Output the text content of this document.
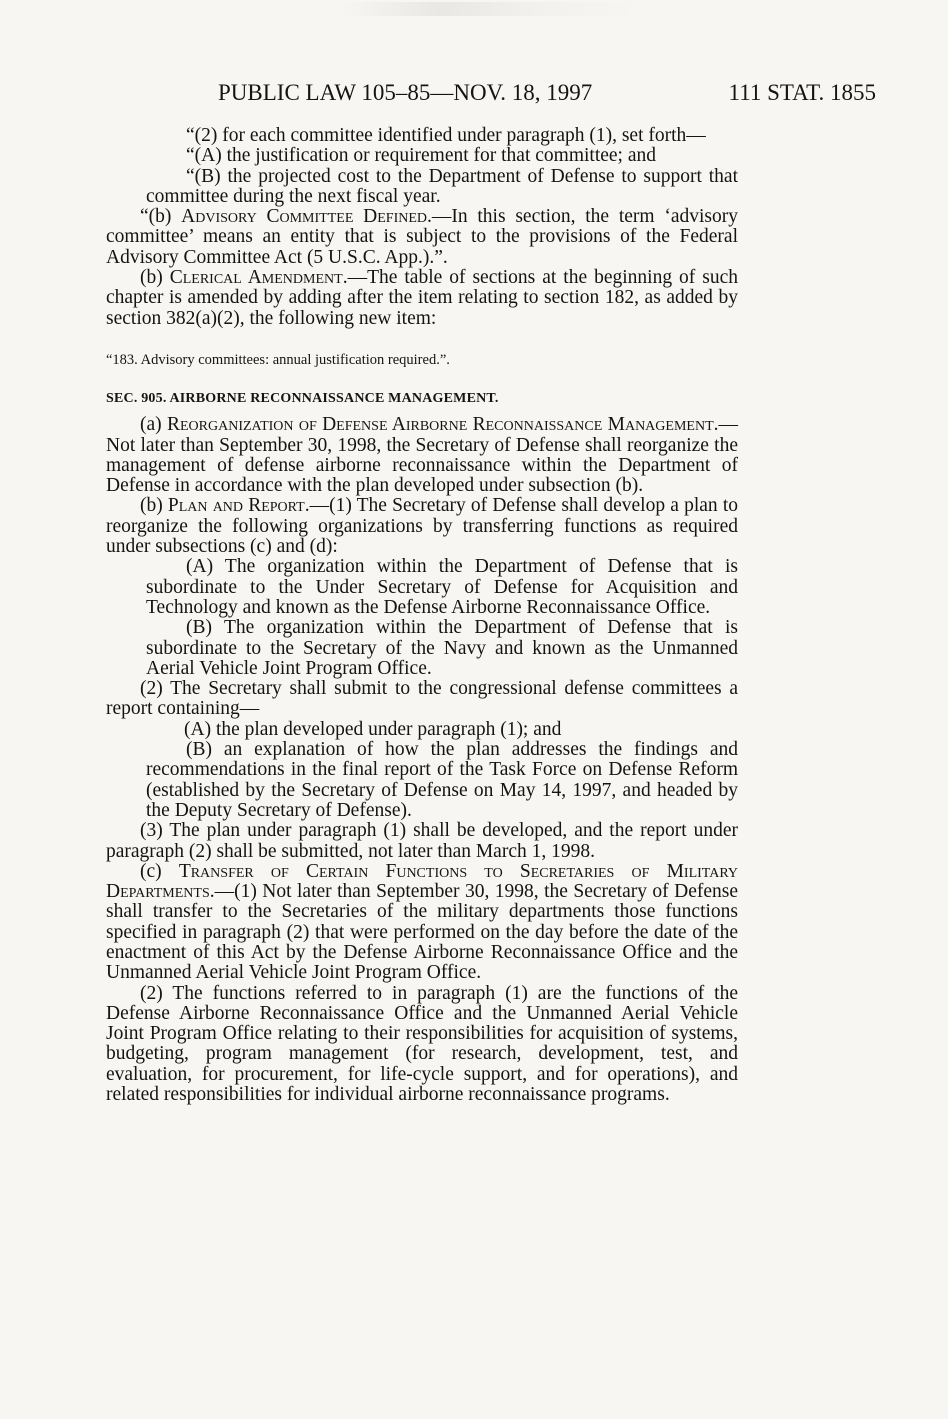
PUBLIC LAW 105–85—NOV. 18, 1997	111 STAT. 1855

“(2) for each committee identified under paragraph (1), set forth—

“(A) the justification or requirement for that committee; and

“(B) the projected cost to the Department of Defense to support that committee during the next fiscal year.

“(b) Advisory Committee Defined.—In this section, the term ‘advisory committee’ means an entity that is subject to the provisions of the Federal Advisory Committee Act (5 U.S.C. App.).”.

(b) Clerical Amendment.—The table of sections at the beginning of such chapter is amended by adding after the item relating to section 182, as added by section 382(a)(2), the following new item:

“183. Advisory committees: annual justification required.”.

SEC. 905. AIRBORNE RECONNAISSANCE MANAGEMENT.

(a) Reorganization of Defense Airborne Reconnaissance Management.—Not later than September 30, 1998, the Secretary of Defense shall reorganize the management of defense airborne reconnaissance within the Department of Defense in accordance with the plan developed under subsection (b).

(b) Plan and Report.—(1) The Secretary of Defense shall develop a plan to reorganize the following organizations by transferring functions as required under subsections (c) and (d):

(A) The organization within the Department of Defense that is subordinate to the Under Secretary of Defense for Acquisition and Technology and known as the Defense Airborne Reconnaissance Office.

(B) The organization within the Department of Defense that is subordinate to the Secretary of the Navy and known as the Unmanned Aerial Vehicle Joint Program Office.

(2) The Secretary shall submit to the congressional defense committees a report containing—

(A) the plan developed under paragraph (1); and

(B) an explanation of how the plan addresses the findings and recommendations in the final report of the Task Force on Defense Reform (established by the Secretary of Defense on May 14, 1997, and headed by the Deputy Secretary of Defense).

(3) The plan under paragraph (1) shall be developed, and the report under paragraph (2) shall be submitted, not later than March 1, 1998.

(c) Transfer of Certain Functions to Secretaries of Military Departments.—(1) Not later than September 30, 1998, the Secretary of Defense shall transfer to the Secretaries of the military departments those functions specified in paragraph (2) that were performed on the day before the date of the enactment of this Act by the Defense Airborne Reconnaissance Office and the Unmanned Aerial Vehicle Joint Program Office.

(2) The functions referred to in paragraph (1) are the functions of the Defense Airborne Reconnaissance Office and the Unmanned Aerial Vehicle Joint Program Office relating to their responsibilities for acquisition of systems, budgeting, program management (for research, development, test, and evaluation, for procurement, for life-cycle support, and for operations), and related responsibilities for individual airborne reconnaissance programs.
